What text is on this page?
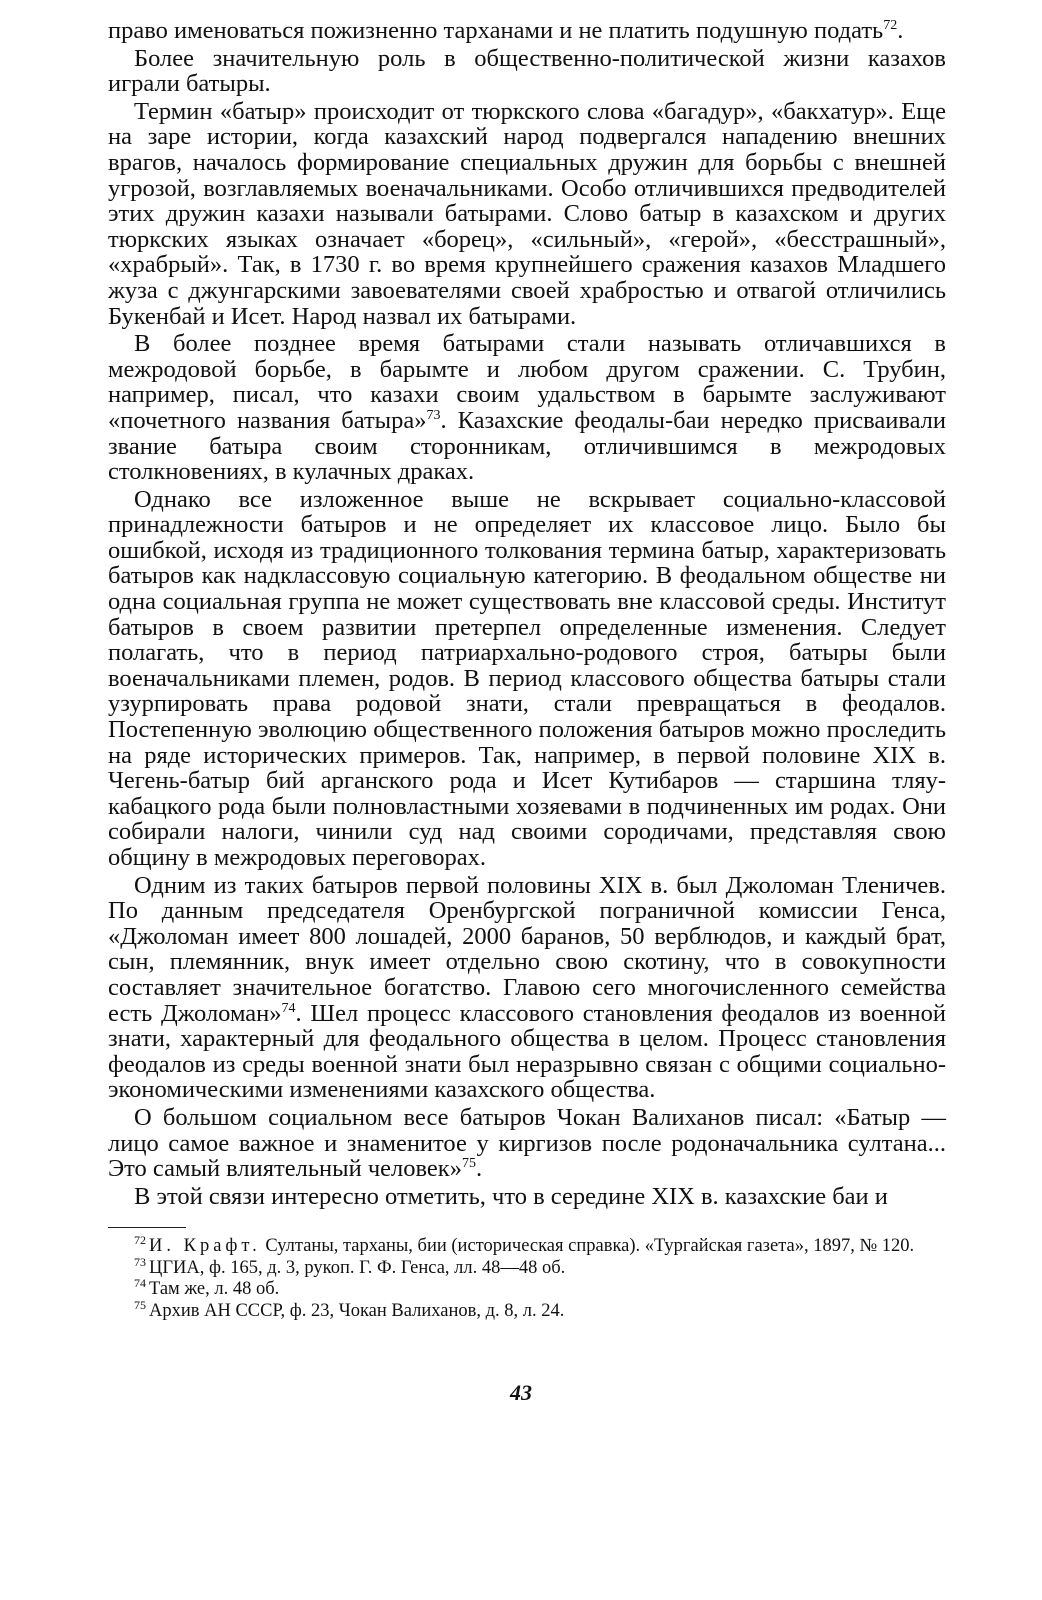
право именоваться пожизненно тарханами и не платить подушную подать$^{72}$.

Более значительную роль в общественно-политической жизни казахов играли батыры.

Термин «батыр» происходит от тюркского слова «багадур», «бакхатур». Еще на заре истории, когда казахский народ подвергался нападению внешних врагов, началось формирование специальных дружин для борьбы с внешней угрозой, возглавляемых военачальниками. Особо отличившихся предводителей этих дружин казахи называли батырами. Слово батыр в казахском и других тюркских языках означает «борец», «сильный», «герой», «бесстрашный», «храбрый». Так, в 1730 г. во время крупнейшего сражения казахов Младшего жуза с джунгарскими завоевателями своей храбростью и отвагой отличились Букенбай и Исет. Народ назвал их батырами.

В более позднее время батырами стали называть отличавшихся в межродовой борьбе, в барымте и любом другом сражении. С. Трубин, например, писал, что казахи своим удальством в барымте заслуживают «почетного названия батыра»$^{73}$. Казахские феодалы-баи нередко присваивали звание батыра своим сторонникам, отличившимся в межродовых столкновениях, в кулачных драках.

Однако все изложенное выше не вскрывает социально-классовой принадлежности батыров и не определяет их классовое лицо. Было бы ошибкой, исходя из традиционного толкования термина батыр, характеризовать батыров как надклассовую социальную категорию. В феодальном обществе ни одна социальная группа не может существовать вне классовой среды. Институт батыров в своем развитии претерпел определенные изменения. Следует полагать, что в период патриархально-родового строя, батыры были военачальниками племен, родов. В период классового общества батыры стали узурпировать права родовой знати, стали превращаться в феодалов. Постепенную эволюцию общественного положения батыров можно проследить на ряде исторических примеров. Так, например, в первой половине XIX в. Чегень-батыр бий арганского рода и Исет Кутибаров — старшина тляу-кабацкого рода были полновластными хозяевами в подчиненных им родах. Они собирали налоги, чинили суд над своими сородичами, представляя свою общину в межродовых переговорах.

Одним из таких батыров первой половины XIX в. был Джоломан Тленичев. По данным председателя Оренбургской пограничной комиссии Генса, «Джоломан имеет 800 лошадей, 2000 баранов, 50 верблюдов, и каждый брат, сын, племянник, внук имеет отдельно свою скотину, что в совокупности составляет значительное богатство. Главою сего многочисленного семейства есть Джоломан»$^{74}$. Шел процесс классового становления феодалов из военной знати, характерный для феодального общества в целом. Процесс становления феодалов из среды военной знати был неразрывно связан с общими социально-экономическими изменениями казахского общества.

О большом социальном весе батыров Чокан Валиханов писал: «Батыр — лицо самое важное и знаменитое у киргизов после родоначальника султана... Это самый влиятельный человек»$^{75}$.

В этой связи интересно отметить, что в середине XIX в. казахские баи и

$^{72}$ И. Крафт. Султаны, тарханы, бии (историческая справка). «Тургайская газета», 1897, № 120.

$^{73}$ ЦГИА, ф. 165, д. 3, рукоп. Г. Ф. Генса, лл. 48—48 об.

$^{74}$ Там же, л. 48 об.

$^{75}$ Архив АН СССР, ф. 23, Чокан Валиханов, д. 8, л. 24.

43
